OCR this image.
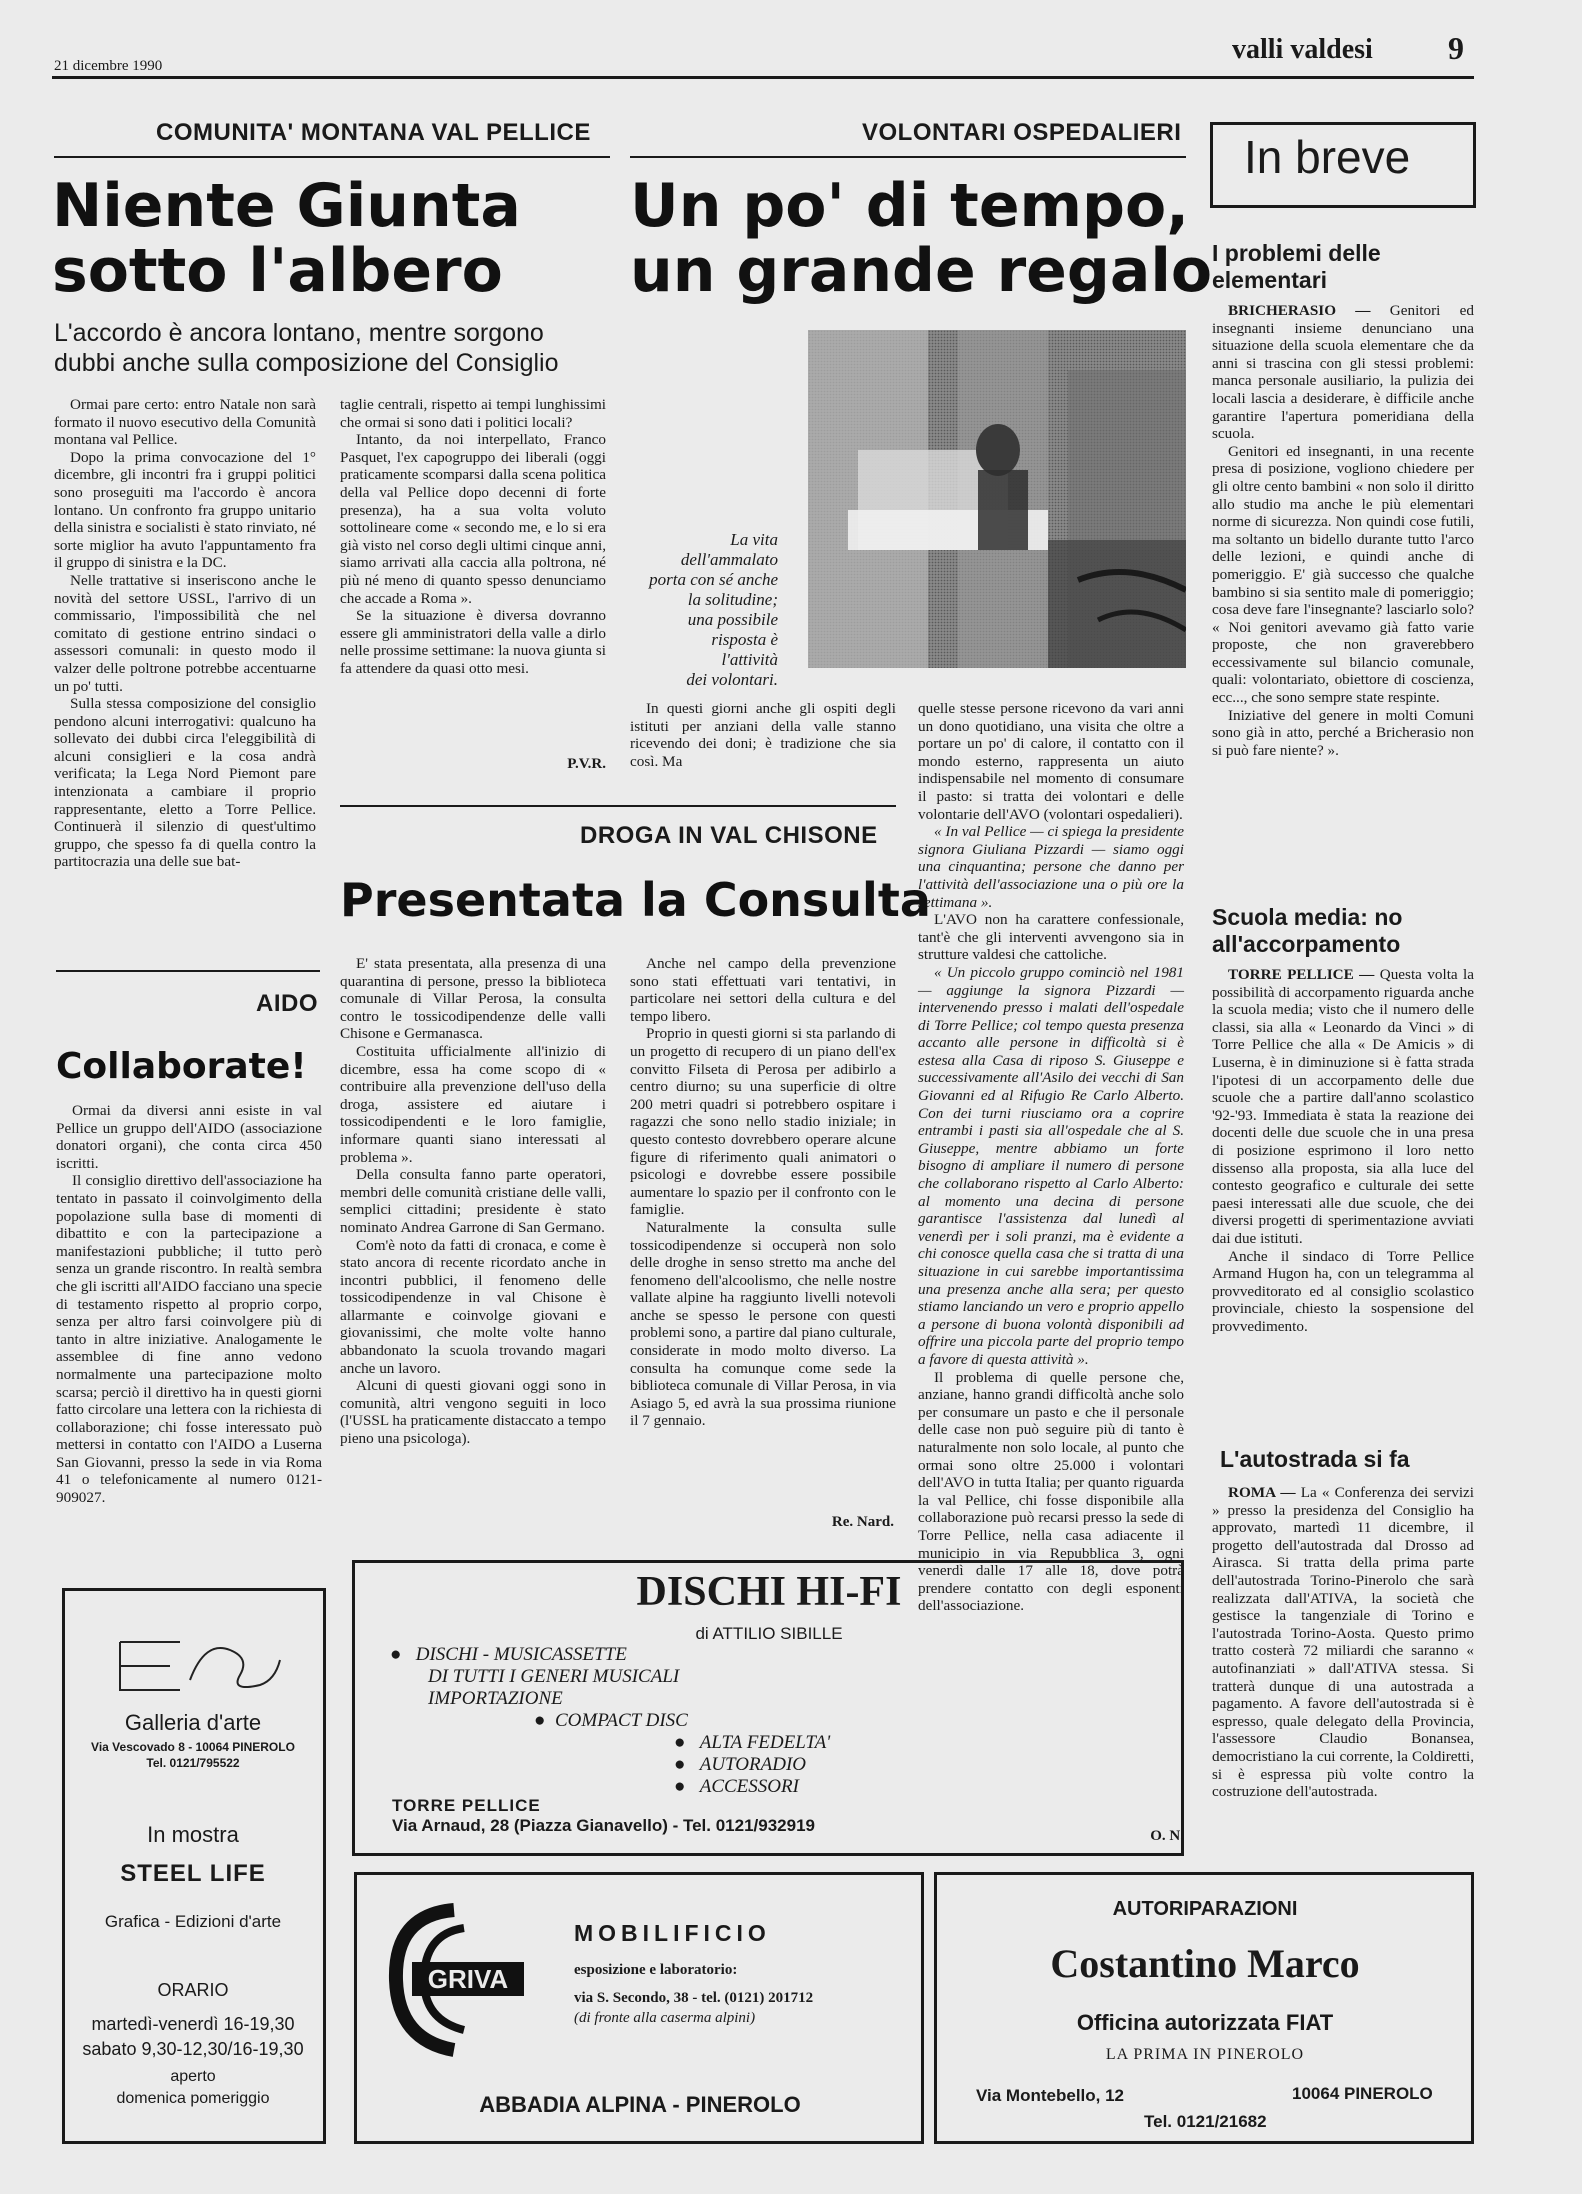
21 dicembre 1990
valli valdesi 9
COMUNITA' MONTANA VAL PELLICE
Niente Giunta
sotto l'albero
L'accordo è ancora lontano, mentre sorgono
dubbi anche sulla composizione del Consiglio

Ormai pare certo: entro Natale non sarà formato il nuovo esecutivo della Comunità montana val Pellice.

Dopo la prima convocazione del 1° dicembre, gli incontri fra i gruppi politici sono proseguiti ma l'accordo è ancora lontano. Un confronto fra gruppo unitario della sinistra e socialisti è stato rinviato, né sorte miglior ha avuto l'appuntamento fra il gruppo di sinistra e la DC.

Nelle trattative si inseriscono anche le novità del settore USSL, l'arrivo di un commissario, l'impossibilità che nel comitato di gestione entrino sindaci o assessori comunali: in questo modo il valzer delle poltrone potrebbe accentuarne un po' tutti.

Sulla stessa composizione del consiglio pendono alcuni interrogativi: qualcuno ha sollevato dei dubbi circa l'eleggibilità di alcuni consiglieri e la cosa andrà verificata; la Lega Nord Piemont pare intenzionata a cambiare il proprio rappresentante, eletto a Torre Pellice. Continuerà il silenzio di quest'ultimo gruppo, che spesso fa di quella contro la partitocrazia una delle sue bat-

taglie centrali, rispetto ai tempi lunghissimi che ormai si sono dati i politici locali?

Intanto, da noi interpellato, Franco Pasquet, l'ex capogruppo dei liberali (oggi praticamente scomparsi dalla scena politica della val Pellice dopo decenni di forte presenza), ha a sua volta voluto sottolineare come « secondo me, e lo si era già visto nel corso degli ultimi cinque anni, siamo arrivati alla caccia alla poltrona, né più né meno di quanto spesso denunciamo che accade a Roma ».

Se la situazione è diversa dovranno essere gli amministratori della valle a dirlo nelle prossime settimane: la nuova giunta si fa attendere da quasi otto mesi.

P.V.R.
AIDO
Collaborate!

Ormai da diversi anni esiste in val Pellice un gruppo dell'AIDO (associazione donatori organi), che conta circa 450 iscritti.

Il consiglio direttivo dell'associazione ha tentato in passato il coinvolgimento della popolazione sulla base di momenti di dibattito e con la partecipazione a manifestazioni pubbliche; il tutto però senza un grande riscontro. In realtà sembra che gli iscritti all'AIDO facciano una specie di testamento rispetto al proprio corpo, senza per altro farsi coinvolgere più di tanto in altre iniziative. Analogamente le assemblee di fine anno vedono normalmente una partecipazione molto scarsa; perciò il direttivo ha in questi giorni fatto circolare una lettera con la richiesta di collaborazione; chi fosse interessato può mettersi in contatto con l'AIDO a Luserna San Giovanni, presso la sede in via Roma 41 o telefonicamente al numero 0121-909027.

VOLONTARI OSPEDALIERI
Un po' di tempo,
un grande regalo
La vita
dell'ammalato
porta con sé anche
la solitudine;
una possibile
risposta è
l'attività
dei volontari.

In questi giorni anche gli ospiti degli istituti per anziani della valle stanno ricevendo dei doni; è tradizione che sia così. Ma

quelle stesse persone ricevono da vari anni un dono quotidiano, una visita che oltre a portare un po' di calore, il contatto con il mondo esterno, rappresenta un aiuto indispensabile nel momento di consumare il pasto: si tratta dei volontari e delle volontarie dell'AVO (volontari ospedalieri).

« In val Pellice — ci spiega la presidente signora Giuliana Pizzardi — siamo oggi una cinquantina; persone che danno per l'attività dell'associazione una o più ore la settimana ».

L'AVO non ha carattere confessionale, tant'è che gli interventi avvengono sia in strutture valdesi che cattoliche.

« Un piccolo gruppo cominciò nel 1981 — aggiunge la signora Pizzardi — intervenendo presso i malati dell'ospedale di Torre Pellice; col tempo questa presenza accanto alle persone in difficoltà si è estesa alla Casa di riposo S. Giuseppe e successivamente all'Asilo dei vecchi di San Giovanni ed al Rifugio Re Carlo Alberto. Con dei turni riusciamo ora a coprire entrambi i pasti sia all'ospedale che al S. Giuseppe, mentre abbiamo un forte bisogno di ampliare il numero di persone che collaborano rispetto al Carlo Alberto: al momento una decina di persone garantisce l'assistenza dal lunedì al venerdì per i soli pranzi, ma è evidente a chi conosce quella casa che si tratta di una situazione in cui sarebbe importantissima una presenza anche alla sera; per questo stiamo lanciando un vero e proprio appello a persone di buona volontà disponibili ad offrire una piccola parte del proprio tempo a favore di questa attività ».

Il problema di quelle persone che, anziane, hanno grandi difficoltà anche solo per consumare un pasto e che il personale delle case non può seguire più di tanto è naturalmente non solo locale, al punto che ormai sono oltre 25.000 i volontari dell'AVO in tutta Italia; per quanto riguarda la val Pellice, chi fosse disponibile alla collaborazione può recarsi presso la sede di Torre Pellice, nella casa adiacente il municipio in via Repubblica 3, ogni venerdì dalle 17 alle 18, dove potrà prendere contatto con degli esponenti dell'associazione.

O. N.
DROGA IN VAL CHISONE
Presentata la Consulta

E' stata presentata, alla presenza di una quarantina di persone, presso la biblioteca comunale di Villar Perosa, la consulta contro le tossicodipendenze delle valli Chisone e Germanasca.

Costituita ufficialmente all'inizio di dicembre, essa ha come scopo di « contribuire alla prevenzione dell'uso della droga, assistere ed aiutare i tossicodipendenti e le loro famiglie, informare quanti siano interessati al problema ».

Della consulta fanno parte operatori, membri delle comunità cristiane delle valli, semplici cittadini; presidente è stato nominato Andrea Garrone di San Germano.

Com'è noto da fatti di cronaca, e come è stato ancora di recente ricordato anche in incontri pubblici, il fenomeno delle tossicodipendenze in val Chisone è allarmante e coinvolge giovani e giovanissimi, che molte volte hanno abbandonato la scuola trovando magari anche un lavoro.

Alcuni di questi giovani oggi sono in comunità, altri vengono seguiti in loco (l'USSL ha praticamente distaccato a tempo pieno una psicologa).

Anche nel campo della prevenzione sono stati effettuati vari tentativi, in particolare nei settori della cultura e del tempo libero.

Proprio in questi giorni si sta parlando di un progetto di recupero di un piano dell'ex convitto Filseta di Perosa per adibirlo a centro diurno; su una superficie di oltre 200 metri quadri si potrebbero ospitare i ragazzi che sono nello stadio iniziale; in questo contesto dovrebbero operare alcune figure di riferimento quali animatori o psicologi e dovrebbe essere possibile aumentare lo spazio per il confronto con le famiglie.

Naturalmente la consulta sulle tossicodipendenze si occuperà non solo delle droghe in senso stretto ma anche del fenomeno dell'alcoolismo, che nelle nostre vallate alpine ha raggiunto livelli notevoli anche se spesso le persone con questi problemi sono, a partire dal piano culturale, considerate in modo molto diverso. La consulta ha comunque come sede la biblioteca comunale di Villar Perosa, in via Asiago 5, ed avrà la sua prossima riunione il 7 gennaio.

Re. Nard.
In breve
I problemi delle
elementari

BRICHERASIO — Genitori ed insegnanti insieme denunciano una situazione della scuola elementare che da anni si trascina con gli stessi problemi: manca personale ausiliario, la pulizia dei locali lascia a desiderare, è difficile anche garantire l'apertura pomeridiana della scuola.

Genitori ed insegnanti, in una recente presa di posizione, vogliono chiedere per gli oltre cento bambini « non solo il diritto allo studio ma anche le più elementari norme di sicurezza. Non quindi cose futili, ma soltanto un bidello durante tutto l'arco delle lezioni, e quindi anche di pomeriggio. E' già successo che qualche bambino si sia sentito male di pomeriggio; cosa deve fare l'insegnante? lasciarlo solo? « Noi genitori avevamo già fatto varie proposte, che non graverebbero eccessivamente sul bilancio comunale, quali: volontariato, obiettore di coscienza, ecc..., che sono sempre state respinte.

Iniziative del genere in molti Comuni sono già in atto, perché a Bricherasio non si può fare niente? ».

Scuola media: no
all'accorpamento

TORRE PELLICE — Questa volta la possibilità di accorpamento riguarda anche la scuola media; visto che il numero delle classi, sia alla « Leonardo da Vinci » di Torre Pellice che alla « De Amicis » di Luserna, è in diminuzione si è fatta strada l'ipotesi di un accorpamento delle due scuole che a partire dall'anno scolastico '92-'93. Immediata è stata la reazione dei docenti delle due scuole che in una presa di posizione esprimono il loro netto dissenso alla proposta, sia alla luce del contesto geografico e culturale dei sette paesi interessati alle due scuole, che dei diversi progetti di sperimentazione avviati dai due istituti.

Anche il sindaco di Torre Pellice Armand Hugon ha, con un telegramma al provveditorato ed al consiglio scolastico provinciale, chiesto la sospensione del provvedimento.

L'autostrada si fa

ROMA — La « Conferenza dei servizi » presso la presidenza del Consiglio ha approvato, martedì 11 dicembre, il progetto dell'autostrada dal Drosso ad Airasca. Si tratta della prima parte dell'autostrada Torino-Pinerolo che sarà realizzata dall'ATIVA, la società che gestisce la tangenziale di Torino e l'autostrada Torino-Aosta. Questo primo tratto costerà 72 miliardi che saranno « autofinanziati » dall'ATIVA stessa. Si tratterà dunque di una autostrada a pagamento. A favore dell'autostrada si è espresso, quale delegato della Provincia, l'assessore Claudio Bonansea, democristiano la cui corrente, la Coldiretti, si è espressa più volte contro la costruzione dell'autostrada.

Galleria d'arte
Via Vescovado 8 - 10064 PINEROLO
Tel. 0121/795522
In mostra
STEEL LIFE
Grafica - Edizioni d'arte
ORARIO
martedì-venerdì 16-19,30
sabato 9,30-12,30/16-19,30
aperto
domenica pomeriggio
DISCHI HI-FI
di ATTILIO SIBILLE
● DISCHI - MUSICASSETTE
DI TUTTI I GENERI MUSICALI
IMPORTAZIONE
● COMPACT DISC
● ALTA FEDELTA'
● AUTORADIO
● ACCESSORI
TORRE PELLICE
Via Arnaud, 28 (Piazza Gianavello) - Tel. 0121/932919
GRIVA
MOBILIFICIO
esposizione e laboratorio:
via S. Secondo, 38 - tel. (0121) 201712
(di fronte alla caserma alpini)
ABBADIA ALPINA - PINEROLO
AUTORIPARAZIONI
Costantino Marco
Officina autorizzata FIAT
LA PRIMA IN PINEROLO
Via Montebello, 12	10064 PINEROLO
Tel. 0121/21682
